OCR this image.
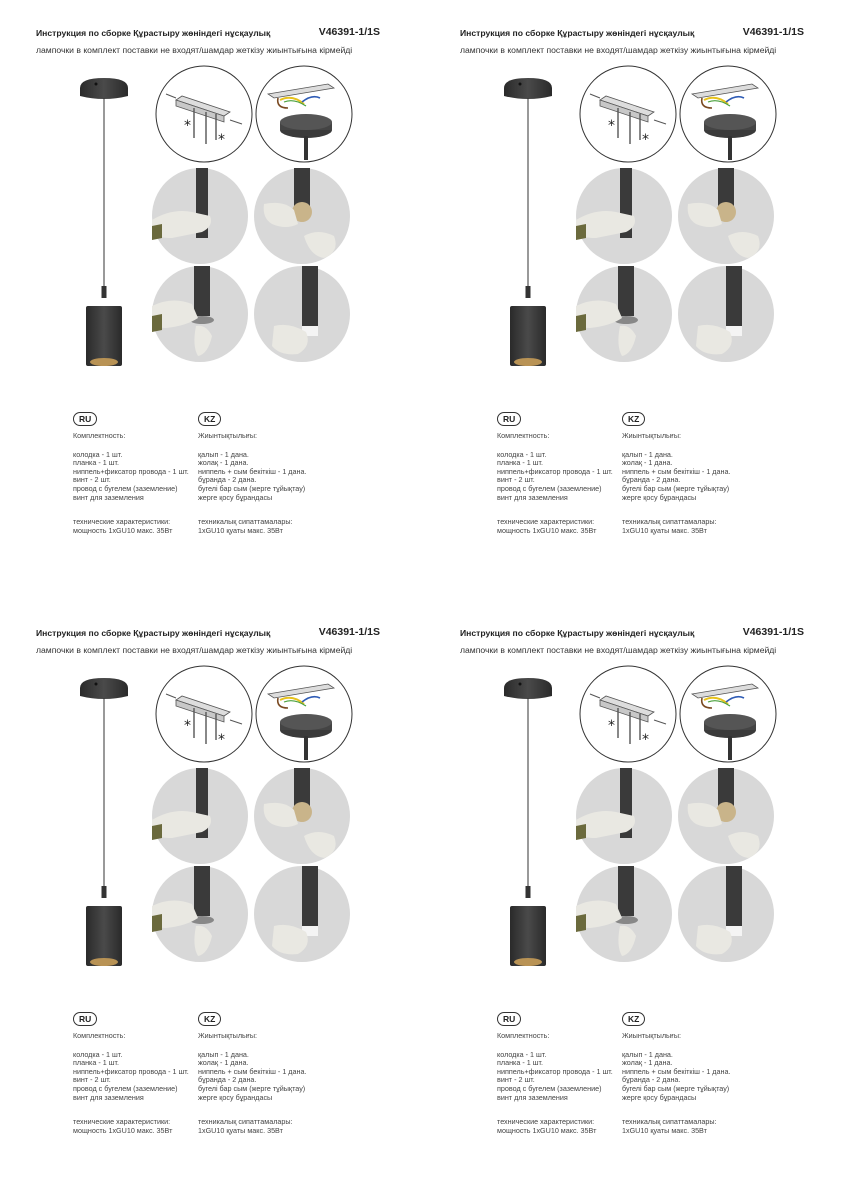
Инструкция по сборке Құрастыру жөніндегі нұсқаулық	V46391-1/1S
лампочки в комплект поставки не входят/шамдар жеткізу жиынтығына кірмейді
*
*
RU	KZ
Комплектность:
колодка - 1 шт.
планка - 1 шт.
ниппель+фиксатор провода - 1 шт.
винт - 2 шт.
провод с бугелем (заземление)
винт для заземления
технические характеристики:
мощность 1xGU10 макс. 35Вт
Жиынтықтылығы:
қалып - 1 дана.
жолақ - 1 дана.
ниппель + сым бекіткіш - 1 дана.
бұранда - 2 дана.
бугелі бар сым (жерге тұйықтау)
жерге қосу бұрандасы
техникалық сипаттамалары:
1xGU10 қуаты макс. 35Вт
Инструкция по сборке Құрастыру жөніндегі нұсқаулық	V46391-1/1S
лампочки в комплект поставки не входят/шамдар жеткізу жиынтығына кірмейді
*
*
RU	KZ
Комплектность:
колодка - 1 шт.
планка - 1 шт.
ниппель+фиксатор провода - 1 шт.
винт - 2 шт.
провод с бугелем (заземление)
винт для заземления
технические характеристики:
мощность 1xGU10 макс. 35Вт
Жиынтықтылығы:
қалып - 1 дана.
жолақ - 1 дана.
ниппель + сым бекіткіш - 1 дана.
бұранда - 2 дана.
бугелі бар сым (жерге тұйықтау)
жерге қосу бұрандасы
техникалық сипаттамалары:
1xGU10 қуаты макс. 35Вт
Инструкция по сборке Құрастыру жөніндегі нұсқаулық	V46391-1/1S
лампочки в комплект поставки не входят/шамдар жеткізу жиынтығына кірмейді
*
*
RU	KZ
Комплектность:
колодка - 1 шт.
планка - 1 шт.
ниппель+фиксатор провода - 1 шт.
винт - 2 шт.
провод с бугелем (заземление)
винт для заземления
технические характеристики:
мощность 1xGU10 макс. 35Вт
Жиынтықтылығы:
қалып - 1 дана.
жолақ - 1 дана.
ниппель + сым бекіткіш - 1 дана.
бұранда - 2 дана.
бугелі бар сым (жерге тұйықтау)
жерге қосу бұрандасы
техникалық сипаттамалары:
1xGU10 қуаты макс. 35Вт
Инструкция по сборке Құрастыру жөніндегі нұсқаулық	V46391-1/1S
лампочки в комплект поставки не входят/шамдар жеткізу жиынтығына кірмейді
*
*
RU	KZ
Комплектность:
колодка - 1 шт.
планка - 1 шт.
ниппель+фиксатор провода - 1 шт.
винт - 2 шт.
провод с бугелем (заземление)
винт для заземления
технические характеристики:
мощность 1xGU10 макс. 35Вт
Жиынтықтылығы:
қалып - 1 дана.
жолақ - 1 дана.
ниппель + сым бекіткіш - 1 дана.
бұранда - 2 дана.
бугелі бар сым (жерге тұйықтау)
жерге қосу бұрандасы
техникалық сипаттамалары:
1xGU10 қуаты макс. 35Вт
